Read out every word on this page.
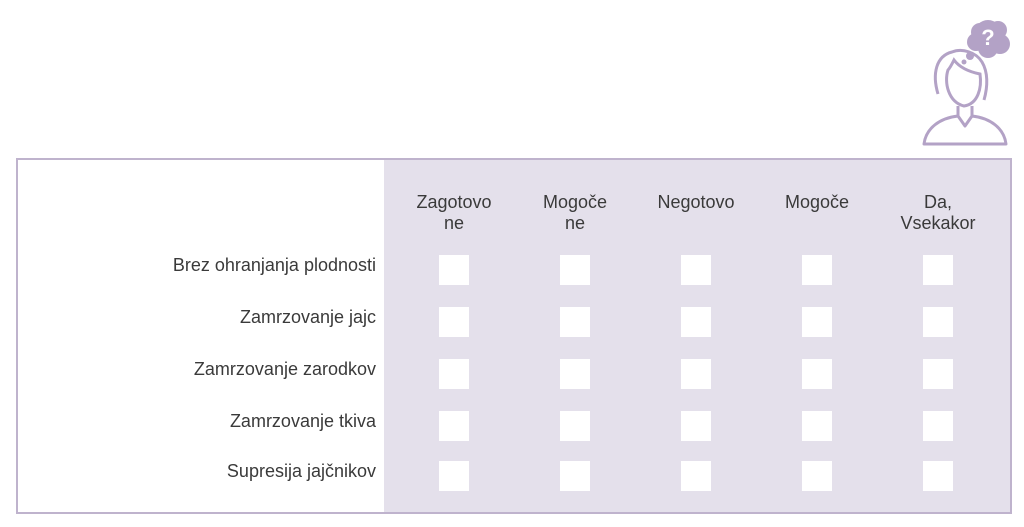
?
Zagotovo
ne
Mogoče
ne
Negotovo	Mogoče	Da,
Vsekakor
Brez ohranjanja plodnosti
Zamrzovanje jajc
Zamrzovanje zarodkov
Zamrzovanje tkiva
Supresija jajčnikov
